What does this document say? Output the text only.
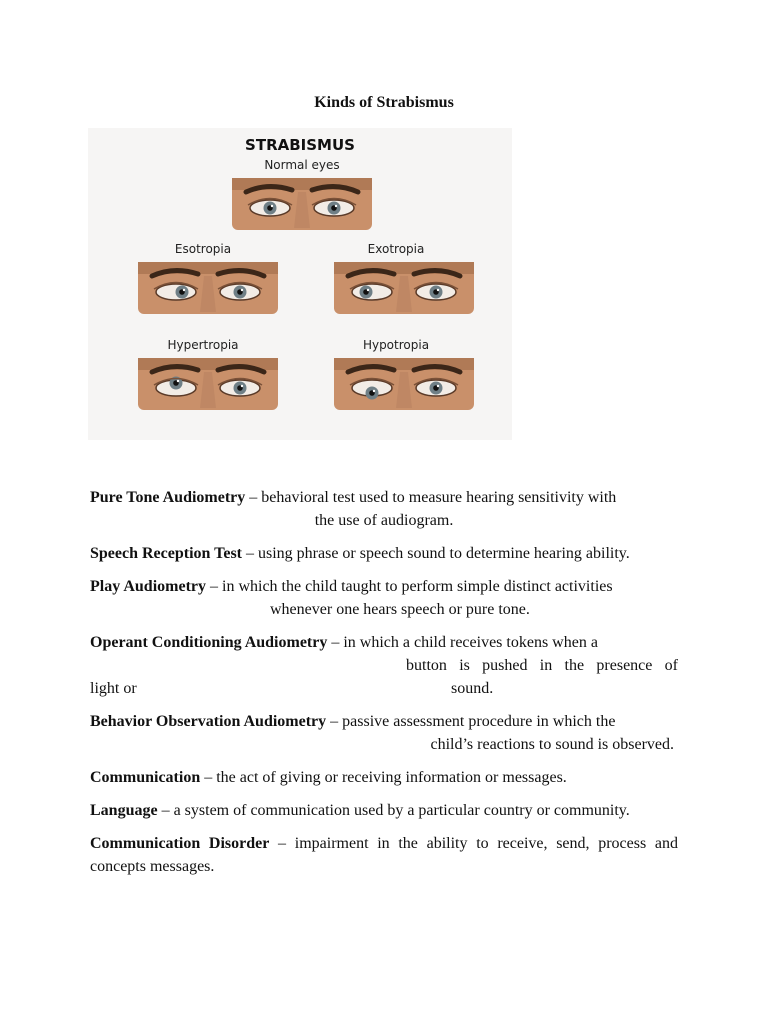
Kinds of Strabismus
STRABISMUS
Normal eyes
Esotropia	Exotropia
Hypertropia	Hypotropia

Pure Tone Audiometry – behavioral test used to measure hearing sensitivity with
the use of audiogram.

Speech Reception Test – using phrase or speech sound to determine hearing ability.

Play Audiometry – in which the child taught to perform simple distinct activities
whenever one hears speech or pure tone.

Operant Conditioning Audiometry – in which a child receives tokens when a
button is pushed in the presence of
light or	sound.

Behavior Observation Audiometry – passive assessment procedure in which the
child’s reactions to sound is observed.

Communication – the act of giving or receiving information or messages.

Language – a system of communication used by a particular country or community.

Communication Disorder – impairment in the ability to receive, send, process and concepts messages.
